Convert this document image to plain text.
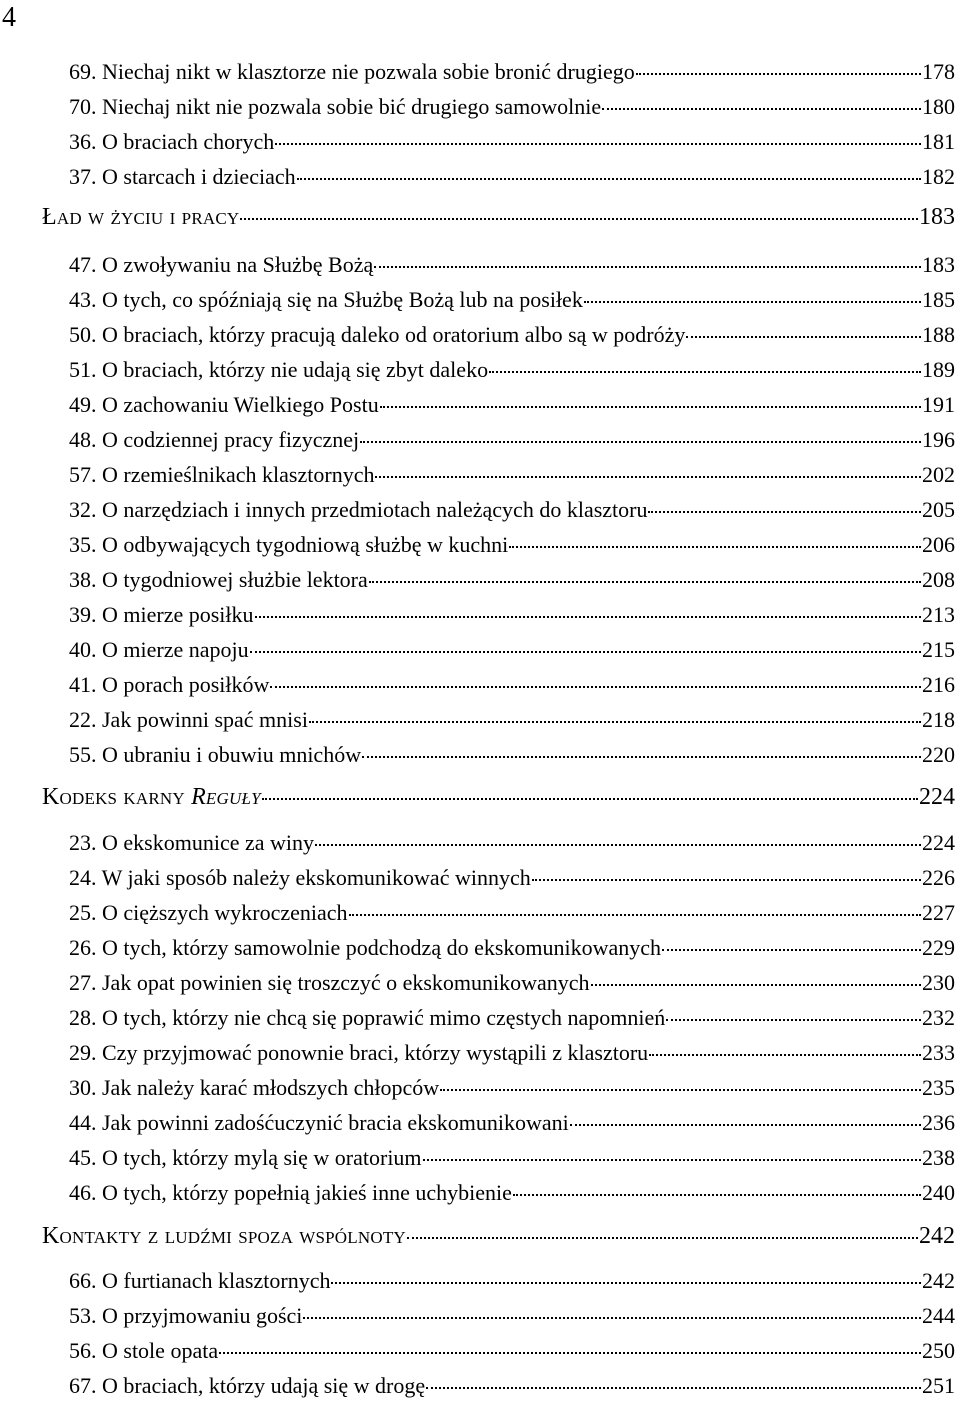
4
69. Niechaj nikt w klasztorze nie pozwala sobie bronić drugiego	178
70. Niechaj nikt nie pozwala sobie bić drugiego samowolnie	180
36. O braciach chorych	181
37. O starcach i dzieciach	182
Ład w życiu i pracy	183
47. O zwoływaniu na Służbę Bożą	183
43. O tych, co spóźniają się na Służbę Bożą lub na posiłek	185
50. O braciach, którzy pracują daleko od oratorium albo są w podróży	188
51. O braciach, którzy nie udają się zbyt daleko	189
49. O zachowaniu Wielkiego Postu	191
48. O codziennej pracy fizycznej	196
57. O rzemieślnikach klasztornych	202
32. O narzędziach i innych przedmiotach należących do klasztoru	205
35. O odbywających tygodniową służbę w kuchni	206
38. O tygodniowej służbie lektora	208
39. O mierze posiłku	213
40. O mierze napoju	215
41. O porach posiłków	216
22. Jak powinni spać mnisi	218
55. O ubraniu i obuwiu mnichów	220
Kodeks karny Reguły	224
23. O ekskomunice za winy	224
24. W jaki sposób należy ekskomunikować winnych	226
25. O cięższych wykroczeniach	227
26. O tych, którzy samowolnie podchodzą do ekskomunikowanych	229
27. Jak opat powinien się troszczyć o ekskomunikowanych	230
28. O tych, którzy nie chcą się poprawić mimo częstych napomnień	232
29. Czy przyjmować ponownie braci, którzy wystąpili z klasztoru	233
30. Jak należy karać młodszych chłopców	235
44. Jak powinni zadośćuczynić bracia ekskomunikowani	236
45. O tych, którzy mylą się w oratorium	238
46. O tych, którzy popełnią jakieś inne uchybienie	240
Kontakty z ludźmi spoza wspólnoty	242
66. O furtianach klasztornych	242
53. O przyjmowaniu gości	244
56. O stole opata	250
67. O braciach, którzy udają się w drogę	251
